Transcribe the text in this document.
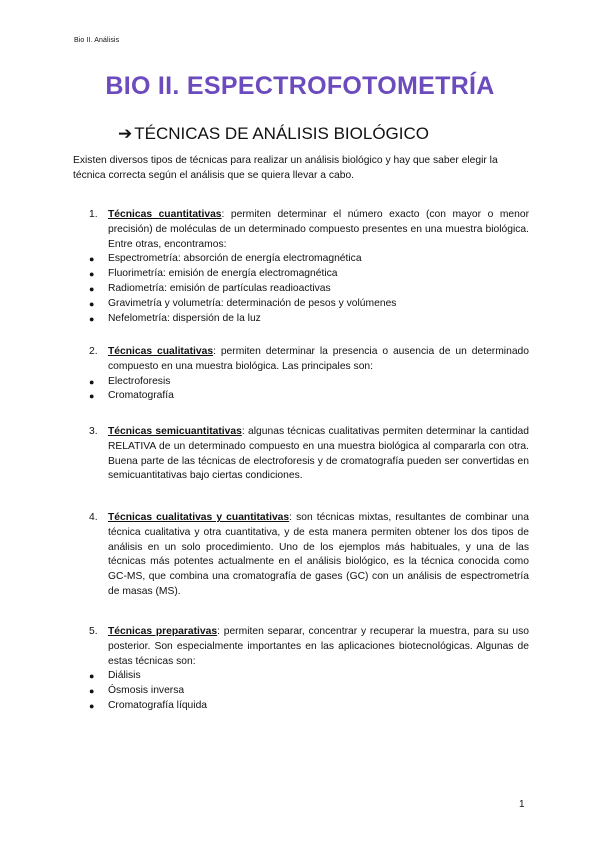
Bio II. Análisis
BIO II. ESPECTROFOTOMETRÍA
➔ TÉCNICAS DE ANÁLISIS BIOLÓGICO
Existen diversos tipos de técnicas para realizar un análisis biológico y hay que saber elegir la técnica correcta según el análisis que se quiera llevar a cabo.
1.	Técnicas cuantitativas: permiten determinar el número exacto (con mayor o menor precisión) de moléculas de un determinado compuesto presentes en una muestra biológica. Entre otras, encontramos:
●	Espectrometría: absorción de energía electromagnética
●	Fluorimetría: emisión de energía electromagnética
●	Radiometría: emisión de partículas readioactivas
●	Gravimetría y volumetría: determinación de pesos y volúmenes
●	Nefelometría: dispersión de la luz
2.	Técnicas cualitativas: permiten determinar la presencia o ausencia de un determinado compuesto en una muestra biológica. Las principales son:
●	Electroforesis
●	Cromatografía
3.	Técnicas semicuantitativas: algunas técnicas cualitativas permiten determinar la cantidad RELATIVA de un determinado compuesto en una muestra biológica al compararla con otra. Buena parte de las técnicas de electroforesis y de cromatografía pueden ser convertidas en semicuantitativas bajo ciertas condiciones.
4.	Técnicas cualitativas y cuantitativas: son técnicas mixtas, resultantes de combinar una técnica cualitativa y otra cuantitativa, y de esta manera permiten obtener los dos tipos de análisis en un solo procedimiento. Uno de los ejemplos más habituales, y una de las técnicas más potentes actualmente en el análisis biológico, es la técnica conocida como GC-MS, que combina una cromatografía de gases (GC) con un análisis de espectrometría de masas (MS).
5.	Técnicas preparativas: permiten separar, concentrar y recuperar la muestra, para su uso posterior. Son especialmente importantes en las aplicaciones biotecnológicas. Algunas de estas técnicas son:
●	Diálisis
●	Ósmosis inversa
●	Cromatografía líquida
1
